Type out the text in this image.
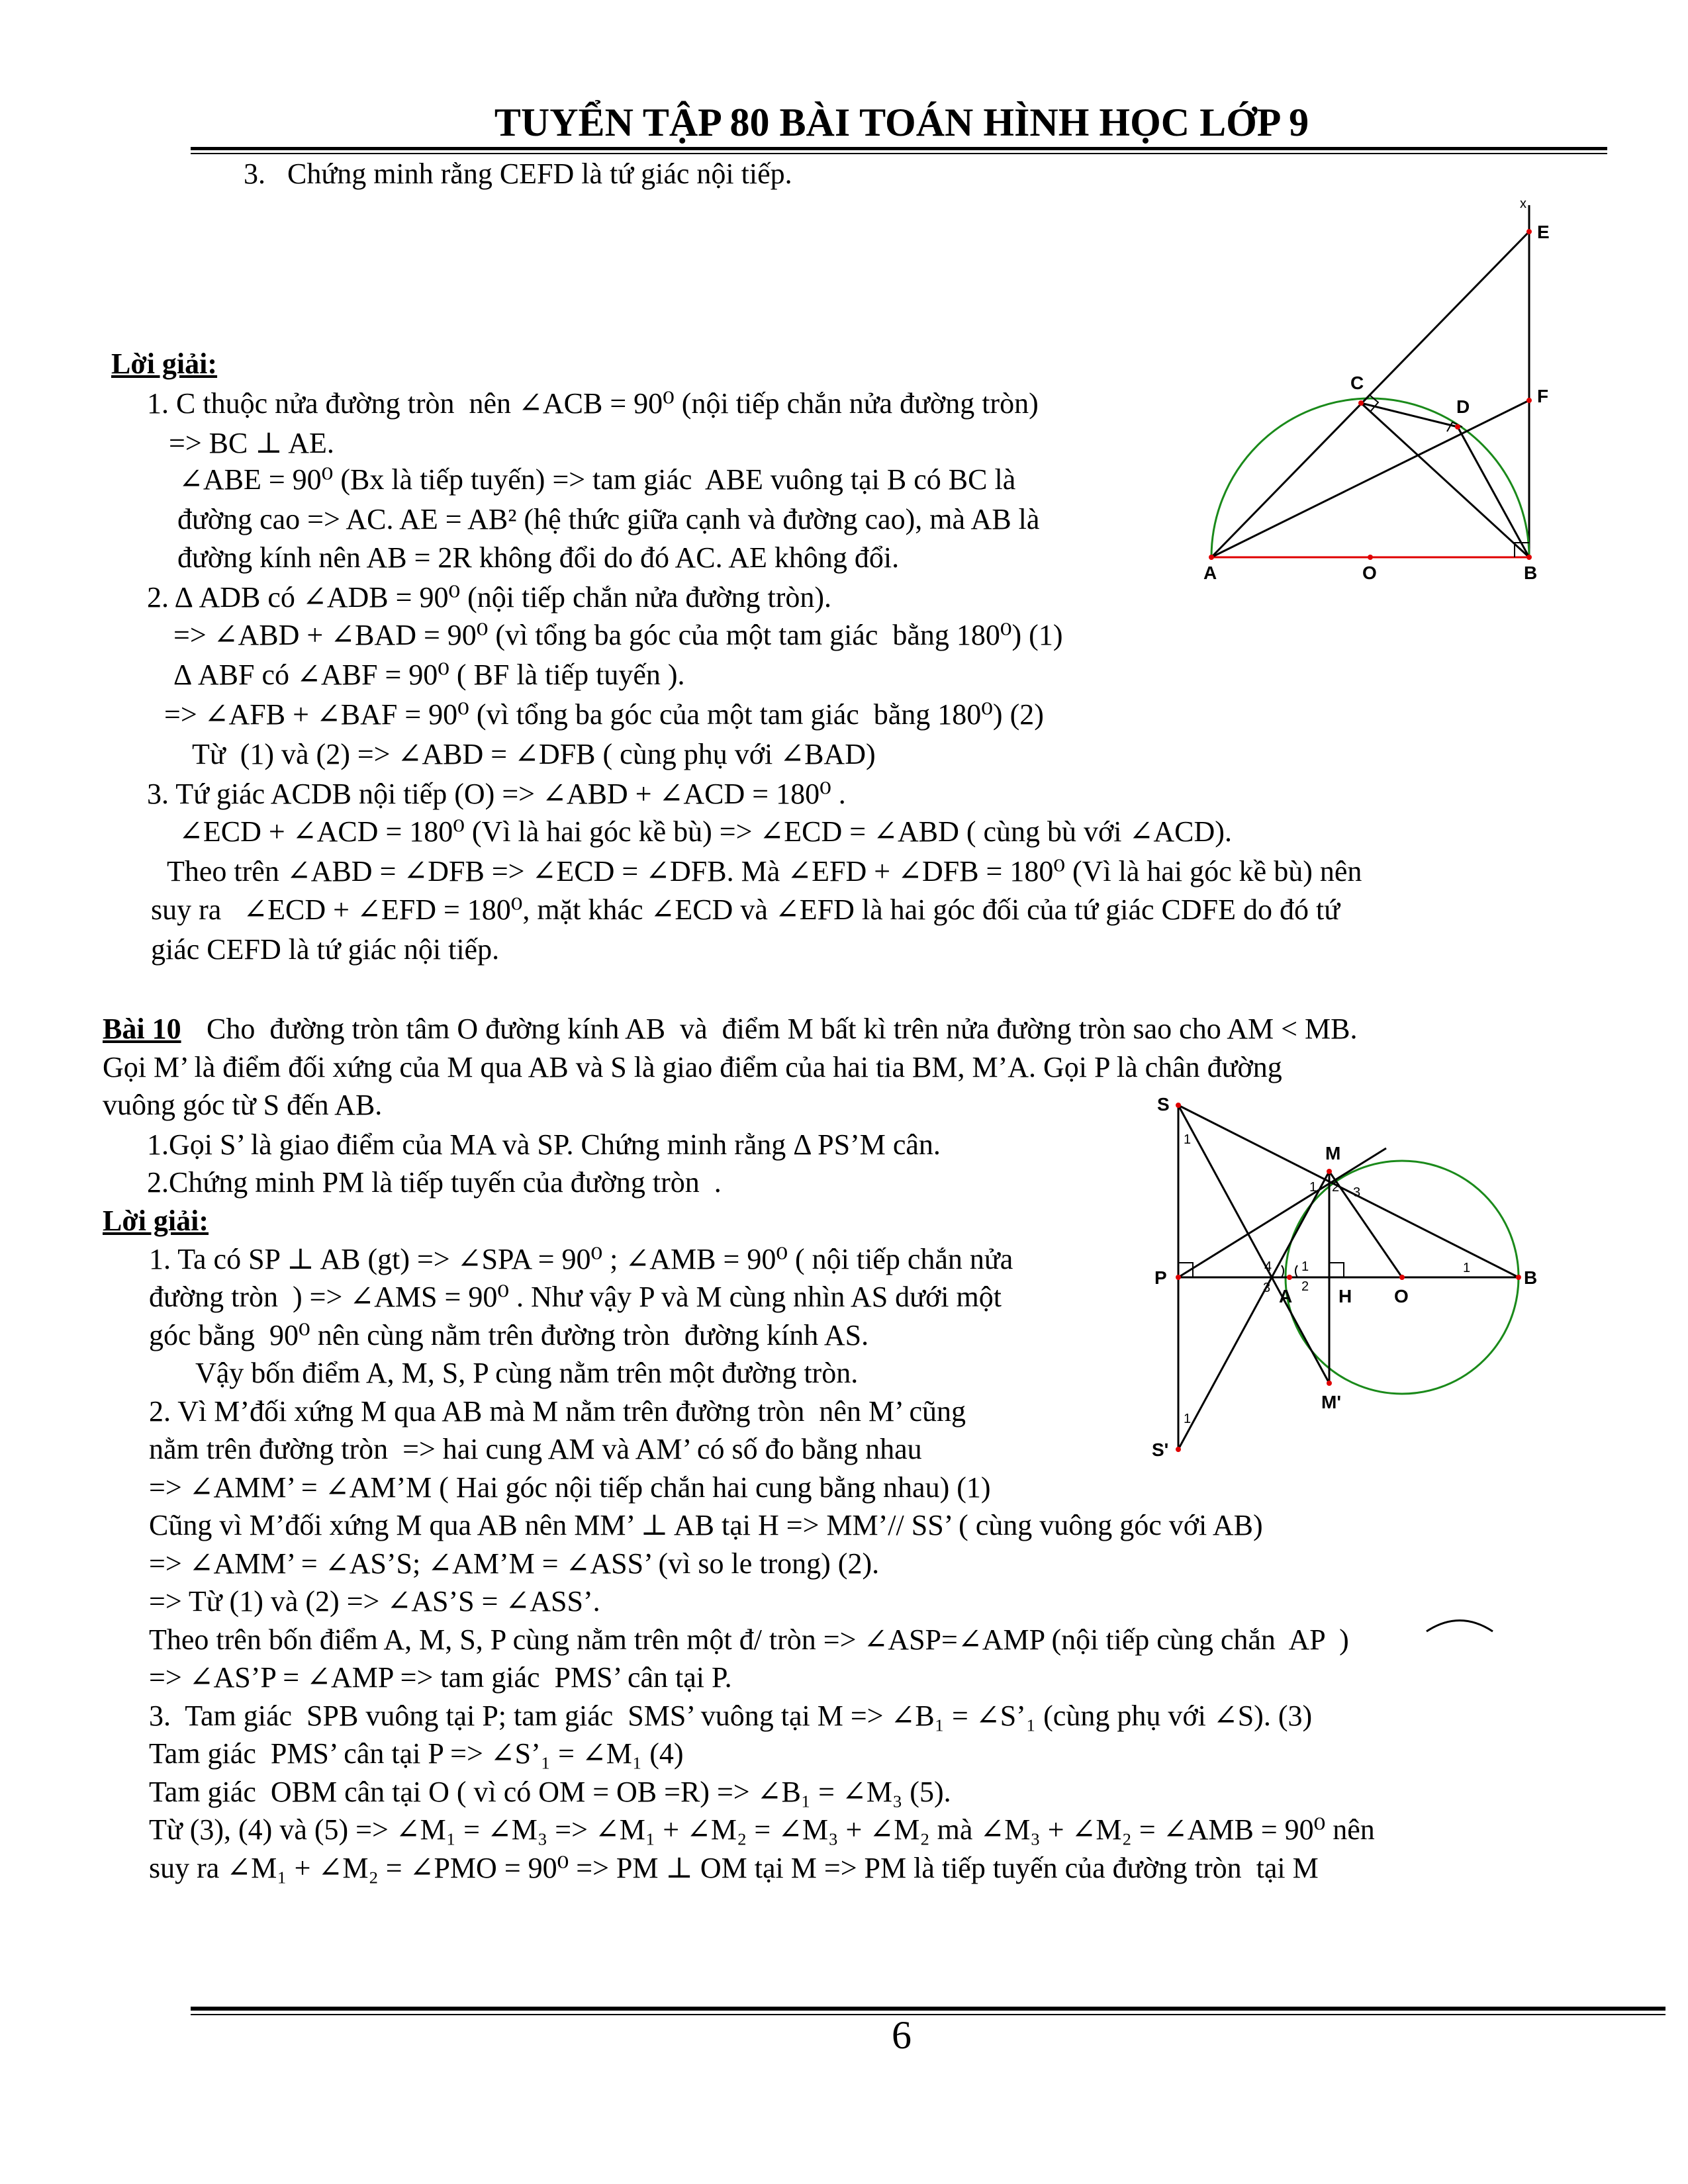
TUYỂN TẬP 80 BÀI TOÁN HÌNH HỌC LỚP 9
3.   Chứng minh rằng CEFD là tứ giác nội tiếp.
Lời giải:
1. C thuộc nửa đường tròn  nên ∠ACB = 90⁰ (nội tiếp chắn nửa đường tròn)
=> BC ⊥ AE.
∠ABE = 90⁰ (Bx là tiếp tuyến) => tam giác  ABE vuông tại B có BC là
đường cao => AC. AE = AB² (hệ thức giữa cạnh và đường cao), mà AB là
đường kính nên AB = 2R không đổi do đó AC. AE không đổi.
2. Δ ADB có ∠ADB = 90⁰ (nội tiếp chắn nửa đường tròn).
=> ∠ABD + ∠BAD = 90⁰ (vì tổng ba góc của một tam giác  bằng 180⁰) (1)
Δ ABF có ∠ABF = 90⁰ ( BF là tiếp tuyến ).
=> ∠AFB + ∠BAF = 90⁰ (vì tổng ba góc của một tam giác  bằng 180⁰) (2)
Từ  (1) và (2) => ∠ABD = ∠DFB ( cùng phụ với ∠BAD)
3. Tứ giác ACDB nội tiếp (O) => ∠ABD + ∠ACD = 180⁰ .
∠ECD + ∠ACD = 180⁰ (Vì là hai góc kề bù) => ∠ECD = ∠ABD ( cùng bù với ∠ACD).
Theo trên ∠ABD = ∠DFB => ∠ECD = ∠DFB. Mà ∠EFD + ∠DFB = 180⁰ (Vì là hai góc kề bù) nên
suy ra   ∠ECD + ∠EFD = 180⁰, mặt khác ∠ECD và ∠EFD là hai góc đối của tứ giác CDFE do đó tứ
giác CEFD là tứ giác nội tiếp.
Bài 10 Cho  đường tròn tâm O đường kính AB  và  điểm M bất kì trên nửa đường tròn sao cho AM < MB.
Gọi M’ là điểm đối xứng của M qua AB và S là giao điểm của hai tia BM, M’A. Gọi P là chân đường
vuông góc từ S đến AB.
1.Gọi S’ là giao điểm của MA và SP. Chứng minh rằng Δ PS’M cân.
2.Chứng minh PM là tiếp tuyến của đường tròn  .
Lời giải:
1. Ta có SP ⊥ AB (gt) => ∠SPA = 90⁰ ; ∠AMB = 90⁰ ( nội tiếp chắn nửa
đường tròn  ) => ∠AMS = 90⁰ . Như vậy P và M cùng nhìn AS dưới một
góc bằng  90⁰ nên cùng nằm trên đường tròn  đường kính AS.
Vậy bốn điểm A, M, S, P cùng nằm trên một đường tròn.
2. Vì M’đối xứng M qua AB mà M nằm trên đường tròn  nên M’ cũng
nằm trên đường tròn  => hai cung AM và AM’ có số đo bằng nhau
=> ∠AMM’ = ∠AM’M ( Hai góc nội tiếp chắn hai cung bằng nhau) (1)
Cũng vì M’đối xứng M qua AB nên MM’ ⊥ AB tại H => MM’// SS’ ( cùng vuông góc với AB)
=> ∠AMM’ = ∠AS’S; ∠AM’M = ∠ASS’ (vì so le trong) (2).
=> Từ (1) và (2) => ∠AS’S = ∠ASS’.
Theo trên bốn điểm A, M, S, P cùng nằm trên một đ/ tròn => ∠ASP=∠AMP (nội tiếp cùng chắn  AP  )
=> ∠AS’P = ∠AMP => tam giác  PMS’ cân tại P.
3.  Tam giác  SPB vuông tại P; tam giác  SMS’ vuông tại M => ∠B₁ = ∠S’₁ (cùng phụ với ∠S). (3)
Tam giác  PMS’ cân tại P => ∠S’₁ = ∠M₁ (4)
Tam giác  OBM cân tại O ( vì có OM = OB =R) => ∠B₁ = ∠M₃ (5).
Từ (3), (4) và (5) => ∠M₁ = ∠M₃ => ∠M₁ + ∠M₂ = ∠M₃ + ∠M₂ mà ∠M₃ + ∠M₂ = ∠AMB = 90⁰ nên
suy ra ∠M₁ + ∠M₂ = ∠PMO = 90⁰ => PM ⊥ OM tại M => PM là tiếp tuyến của đường tròn  tại M
x
E
C
D
F
A	O	B
S
1
M
1 2 3
P
4 1
3 2
A H O
1	B
M'
1
S'
6
